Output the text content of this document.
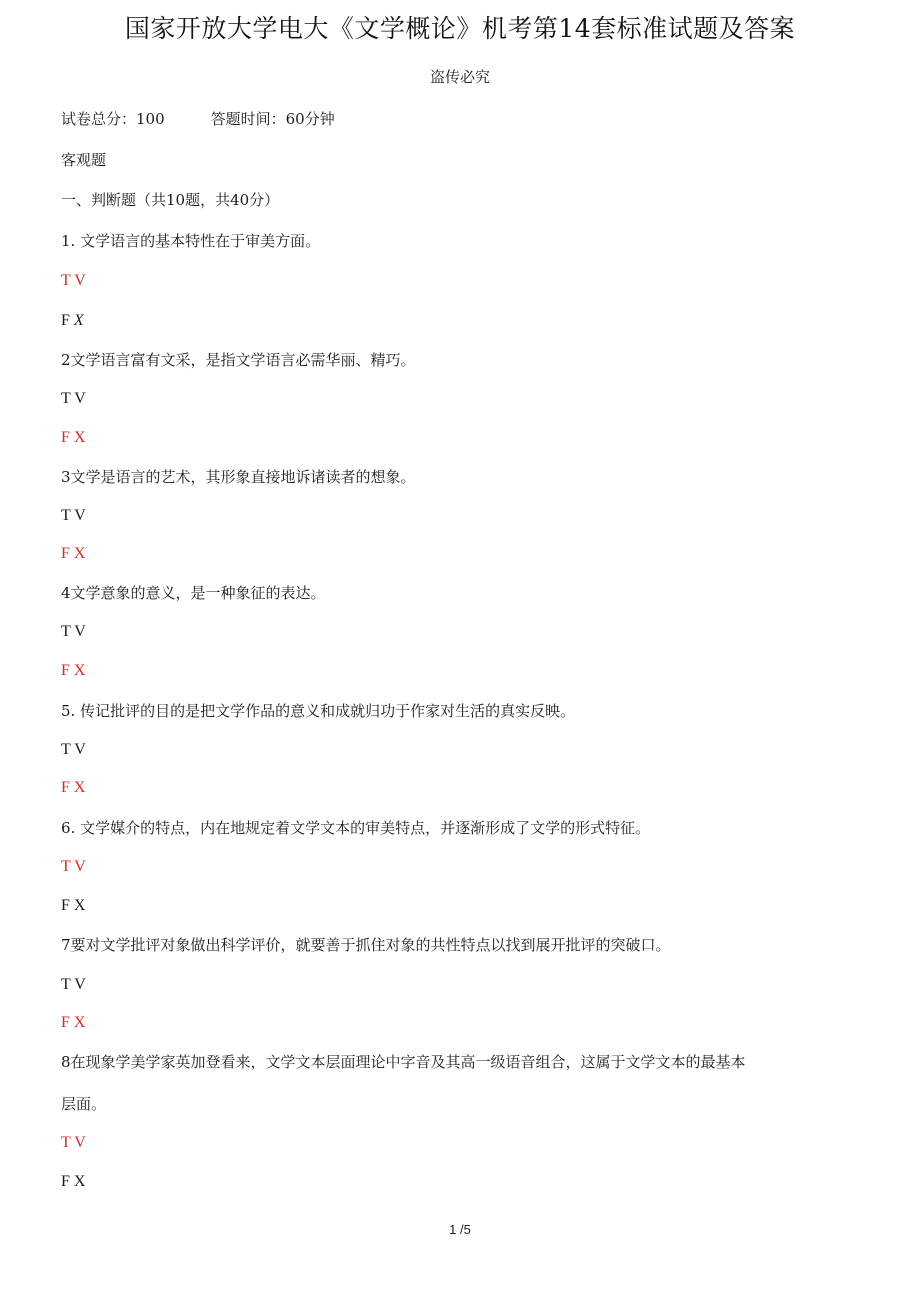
国家开放大学电大《文学概论》机考第14套标准试题及答案
盗传必究
试卷总分：100	答题时间：60分钟
客观题
一、判断题（共10题，共40分）
1. 文学语言的基本特性在于审美方面。
T V
F X
2文学语言富有文采，是指文学语言必需华丽、精巧。
T V
F X
3文学是语言的艺术，其形象直接地诉诸读者的想象。
T V
F X
4文学意象的意义，是一种象征的表达。
T V
F X
5. 传记批评的目的是把文学作品的意义和成就归功于作家对生活的真实反映。
T V
F X
6. 文学媒介的特点，内在地规定着文学文本的审美特点，并逐渐形成了文学的形式特征。
T V
F X
7要对文学批评对象做出科学评价，就要善于抓住对象的共性特点以找到展开批评的突破口。
T V
F X
8在现象学美学家英加登看来，文学文本层面理论中字音及其高一级语音组合，这属于文学文本的最基本
层面。
T V
F X
1 /5
